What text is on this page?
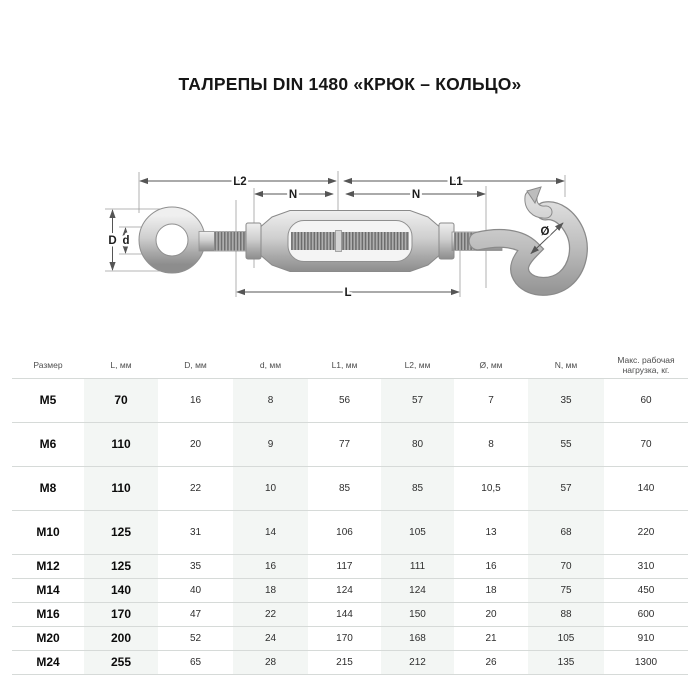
ТАЛРЕПЫ DIN 1480 «КРЮК – КОЛЬЦО»
L2
N	N
L1
D d
L
Ø
Размер	L, мм	D, мм	d, мм	L1, мм	L2, мм	Ø, мм	N, мм	Макс. рабочая нагрузка, кг.
M5	70	16	8	56	57	7	35	60
M6	110	20	9	77	80	8	55	70
M8	110	22	10	85	85	10,5	57	140
M10	125	31	14	106	105	13	68	220
M12	125	35	16	117	111	16	70	310
M14	140	40	18	124	124	18	75	450
M16	170	47	22	144	150	20	88	600
M20	200	52	24	170	168	21	105	910
M24	255	65	28	215	212	26	135	1300
